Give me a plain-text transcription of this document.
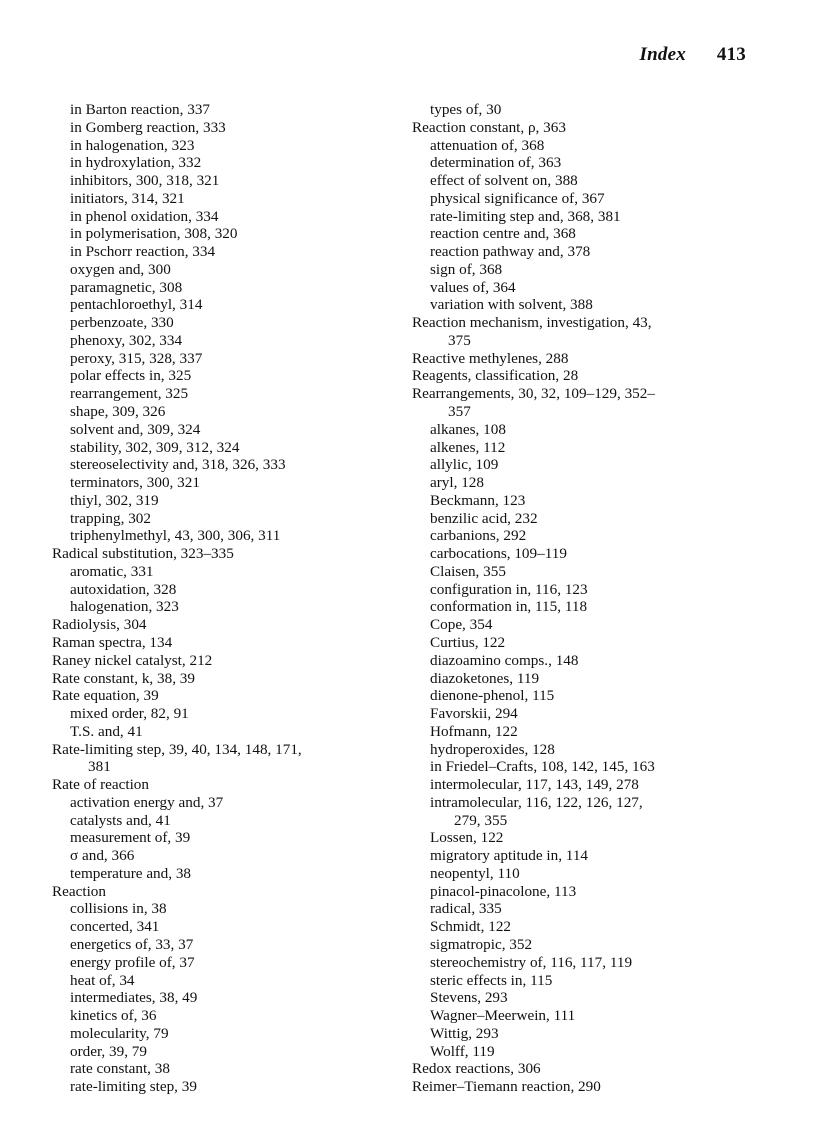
Index 413
in Barton reaction, 337
in Gomberg reaction, 333
in halogenation, 323
in hydroxylation, 332
inhibitors, 300, 318, 321
initiators, 314, 321
in phenol oxidation, 334
in polymerisation, 308, 320
in Pschorr reaction, 334
oxygen and, 300
paramagnetic, 308
pentachloroethyl, 314
perbenzoate, 330
phenoxy, 302, 334
peroxy, 315, 328, 337
polar effects in, 325
rearrangement, 325
shape, 309, 326
solvent and, 309, 324
stability, 302, 309, 312, 324
stereoselectivity and, 318, 326, 333
terminators, 300, 321
thiyl, 302, 319
trapping, 302
triphenylmethyl, 43, 300, 306, 311
Radical substitution, 323–335
aromatic, 331
autoxidation, 328
halogenation, 323
Radiolysis, 304
Raman spectra, 134
Raney nickel catalyst, 212
Rate constant, k, 38, 39
Rate equation, 39
mixed order, 82, 91
T.S. and, 41
Rate-limiting step, 39, 40, 134, 148, 171,
381
Rate of reaction
activation energy and, 37
catalysts and, 41
measurement of, 39
σ and, 366
temperature and, 38
Reaction
collisions in, 38
concerted, 341
energetics of, 33, 37
energy profile of, 37
heat of, 34
intermediates, 38, 49
kinetics of, 36
molecularity, 79
order, 39, 79
rate constant, 38
rate-limiting step, 39
types of, 30
Reaction constant, ρ, 363
attenuation of, 368
determination of, 363
effect of solvent on, 388
physical significance of, 367
rate-limiting step and, 368, 381
reaction centre and, 368
reaction pathway and, 378
sign of, 368
values of, 364
variation with solvent, 388
Reaction mechanism, investigation, 43,
375
Reactive methylenes, 288
Reagents, classification, 28
Rearrangements, 30, 32, 109–129, 352–
357
alkanes, 108
alkenes, 112
allylic, 109
aryl, 128
Beckmann, 123
benzilic acid, 232
carbanions, 292
carbocations, 109–119
Claisen, 355
configuration in, 116, 123
conformation in, 115, 118
Cope, 354
Curtius, 122
diazoamino comps., 148
diazoketones, 119
dienone-phenol, 115
Favorskii, 294
Hofmann, 122
hydroperoxides, 128
in Friedel–Crafts, 108, 142, 145, 163
intermolecular, 117, 143, 149, 278
intramolecular, 116, 122, 126, 127,
279, 355
Lossen, 122
migratory aptitude in, 114
neopentyl, 110
pinacol-pinacolone, 113
radical, 335
Schmidt, 122
sigmatropic, 352
stereochemistry of, 116, 117, 119
steric effects in, 115
Stevens, 293
Wagner–Meerwein, 111
Wittig, 293
Wolff, 119
Redox reactions, 306
Reimer–Tiemann reaction, 290
